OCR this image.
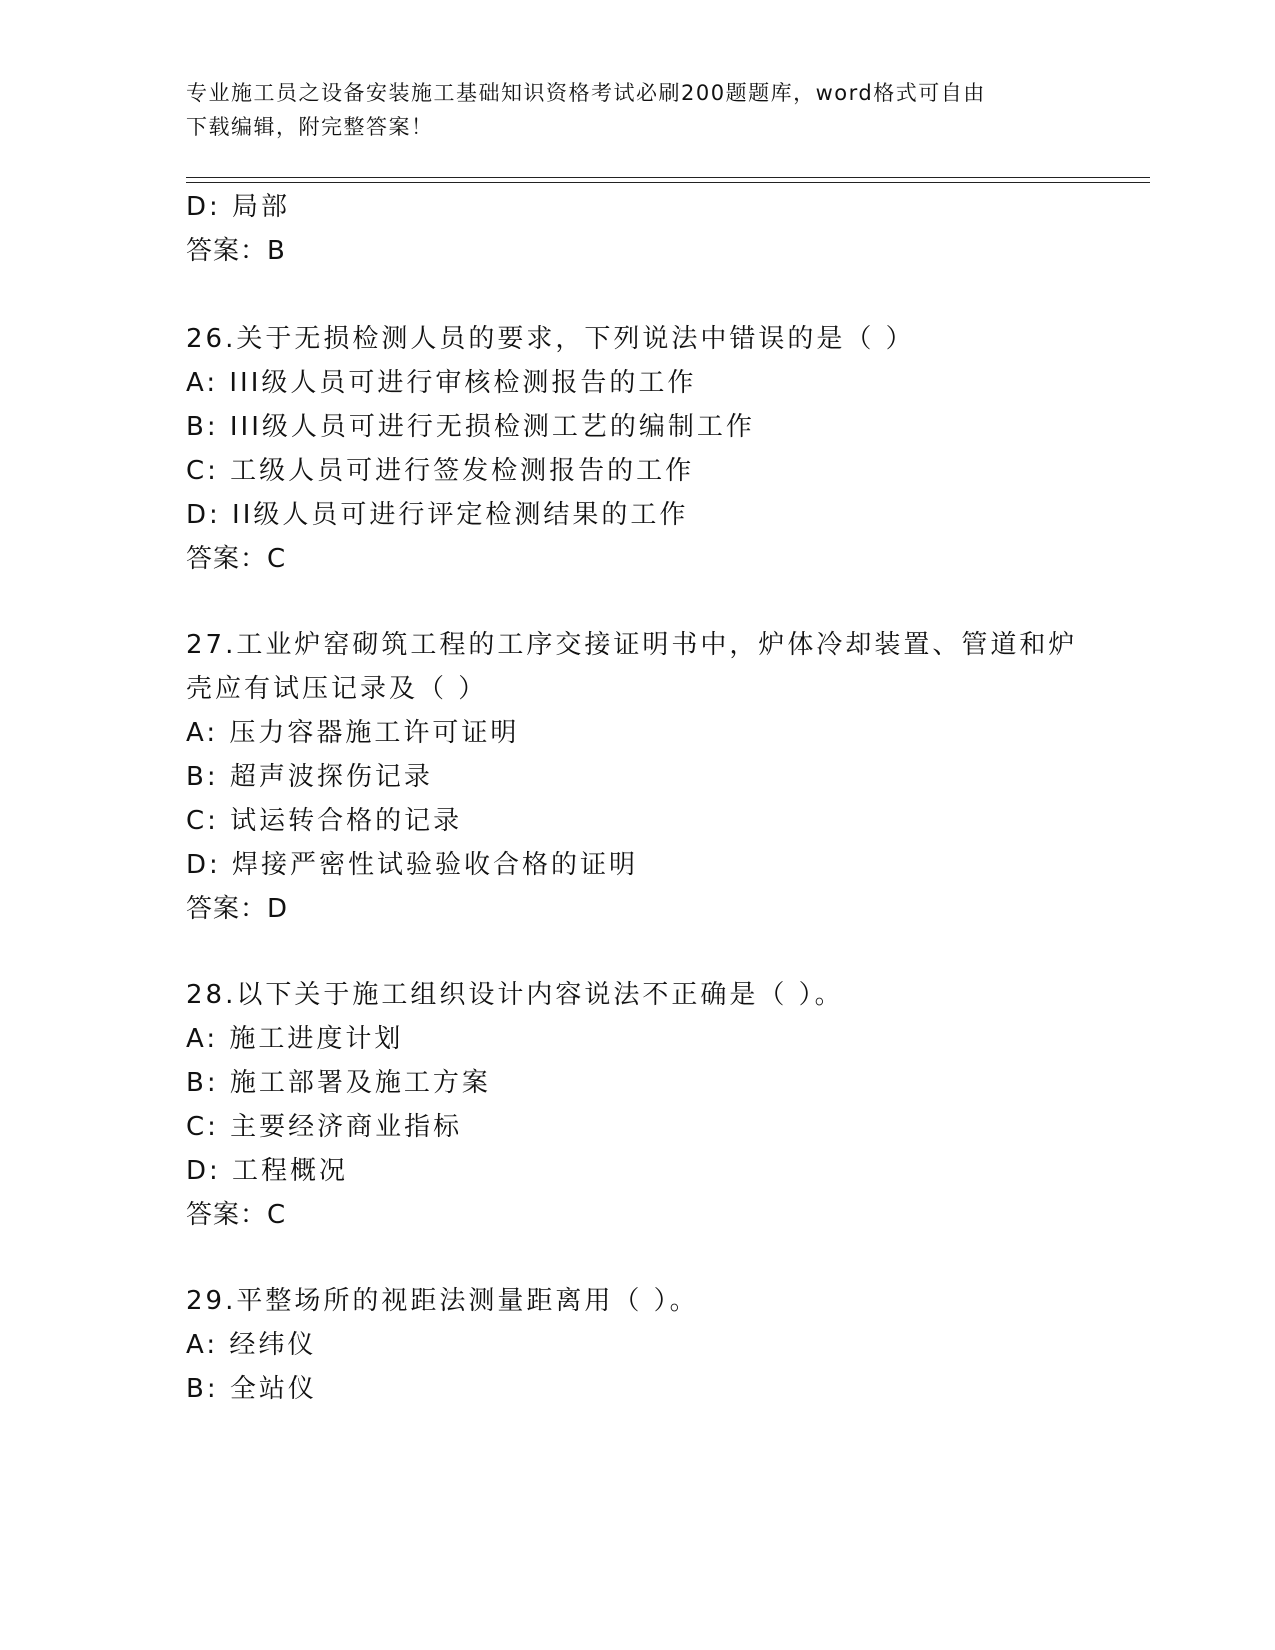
专业施工员之设备安装施工基础知识资格考试必刷200题题库，word格式可自由
下载编辑，附完整答案！
D: 局部
答案：B
26.关于无损检测人员的要求，下列说法中错误的是（ ）
A: III级人员可进行审核检测报告的工作
B: III级人员可进行无损检测工艺的编制工作
C: 工级人员可进行签发检测报告的工作
D: II级人员可进行评定检测结果的工作
答案：C
27.工业炉窑砌筑工程的工序交接证明书中，炉体冷却装置、管道和炉
壳应有试压记录及（ ）
A: 压力容器施工许可证明
B: 超声波探伤记录
C: 试运转合格的记录
D: 焊接严密性试验验收合格的证明
答案：D
28.以下关于施工组织设计内容说法不正确是（ ）。
A: 施工进度计划
B: 施工部署及施工方案
C: 主要经济商业指标
D: 工程概况
答案：C
29.平整场所的视距法测量距离用（ ）。
A: 经纬仪
B: 全站仪
